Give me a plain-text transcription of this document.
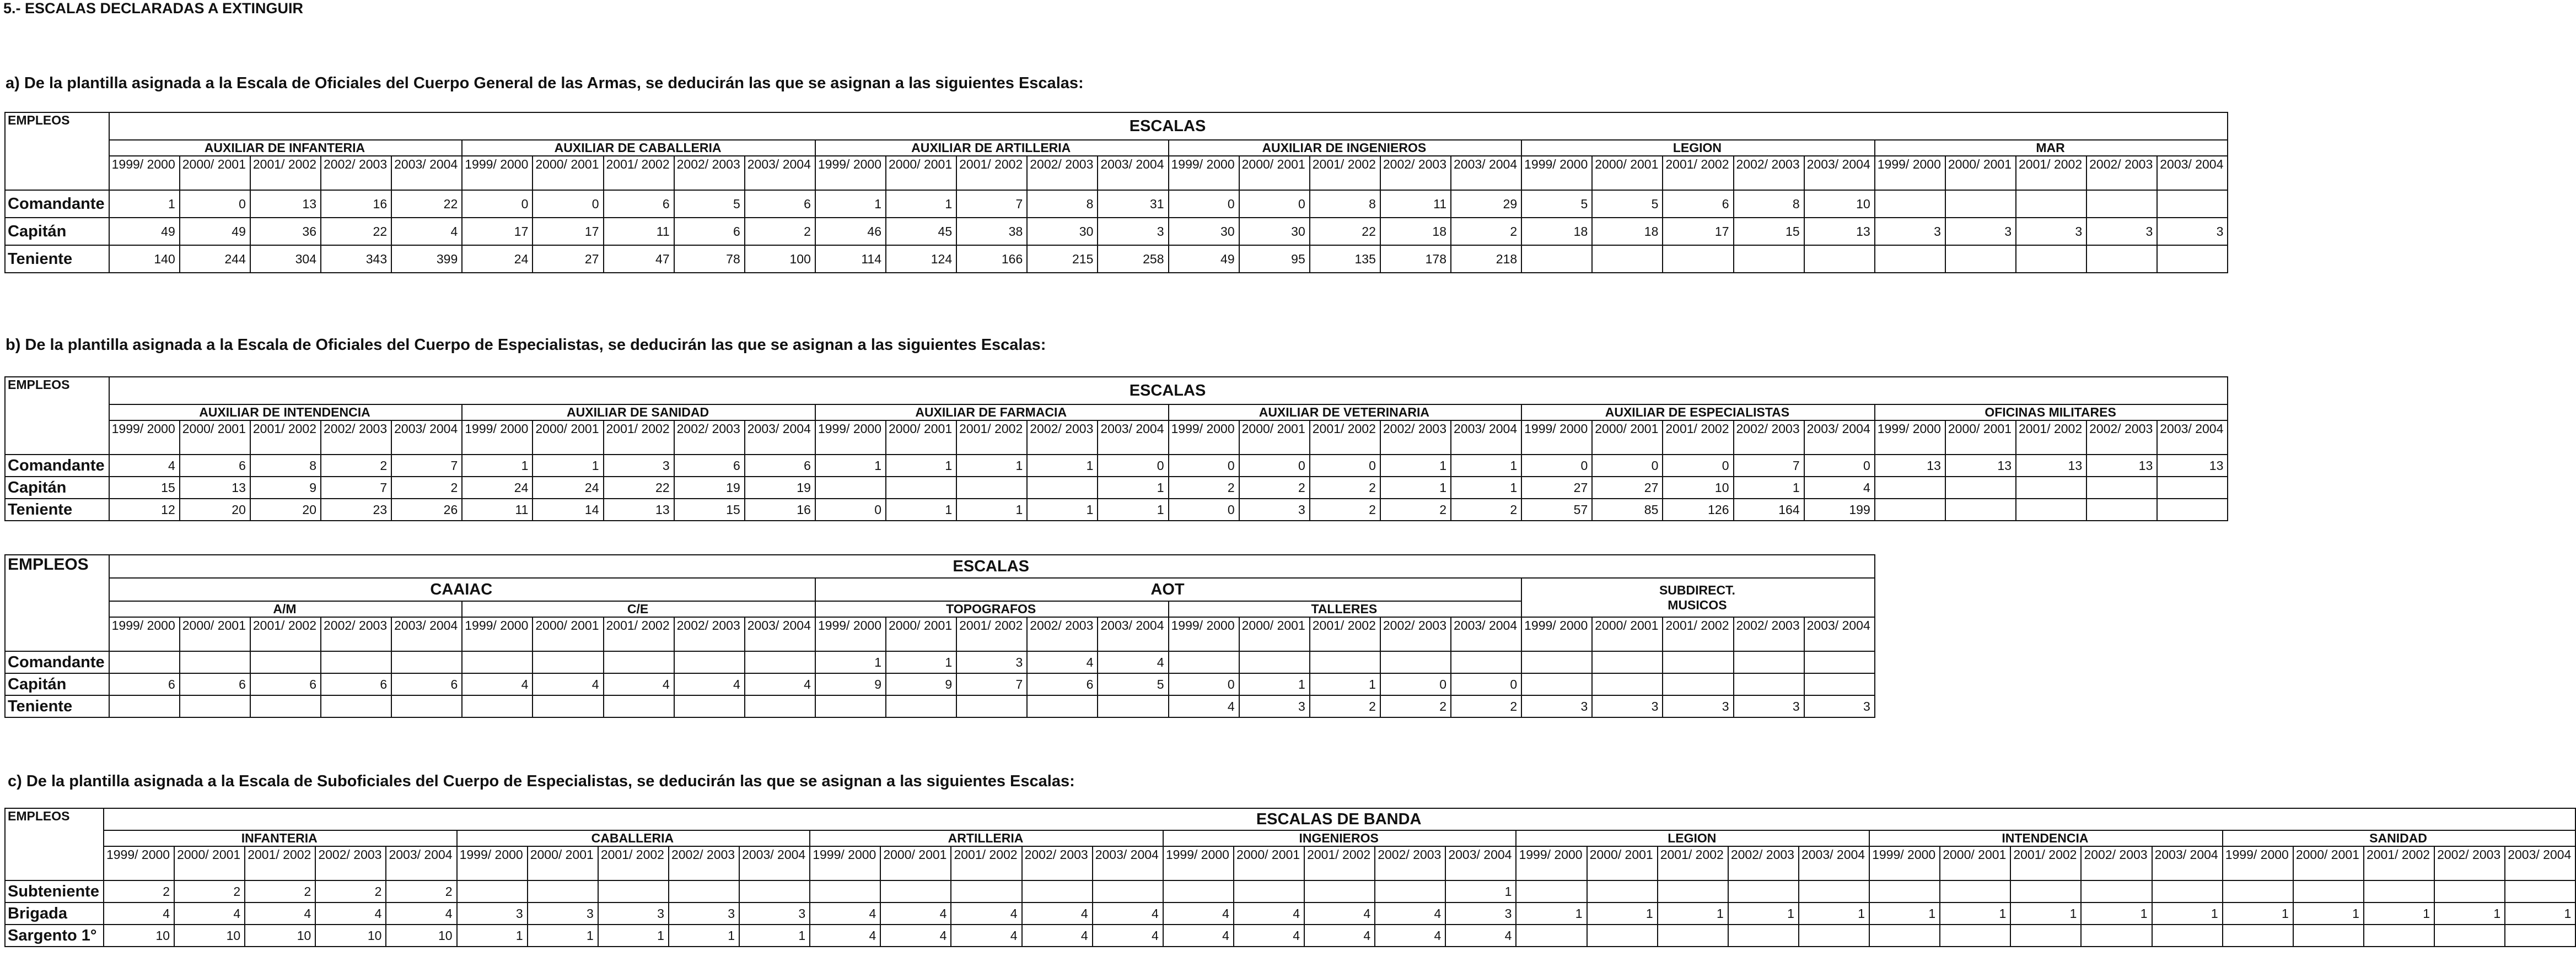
5.- ESCALAS DECLARADAS A EXTINGUIR
a) De la plantilla asignada a la Escala de Oficiales del Cuerpo General de las Armas, se deducirán las que se asignan a las siguientes Escalas:
b) De la plantilla asignada a la Escala de Oficiales del Cuerpo de Especialistas, se deducirán las que se asignan a las siguientes Escalas:
c) De la plantilla asignada a la Escala de Suboficiales del Cuerpo de Especialistas, se deducirán las que se asignan a las siguientes Escalas:
EMPLEOS	ESCALAS																													
	AUXILIAR DE INFANTERIA					AUXILIAR DE CABALLERIA					AUXILIAR DE ARTILLERIA					AUXILIAR DE INGENIEROS					LEGION					MAR				
	1999/ 2000	2000/ 2001	2001/ 2002	2002/ 2003	2003/ 2004	1999/ 2000	2000/ 2001	2001/ 2002	2002/ 2003	2003/ 2004	1999/ 2000	2000/ 2001	2001/ 2002	2002/ 2003	2003/ 2004	1999/ 2000	2000/ 2001	2001/ 2002	2002/ 2003	2003/ 2004	1999/ 2000	2000/ 2001	2001/ 2002	2002/ 2003	2003/ 2004	1999/ 2000	2000/ 2001	2001/ 2002	2002/ 2003	2003/ 2004
Comandante	1	0	13	16	22	0	0	6	5	6	1	1	7	8	31	0	0	8	11	29	5	5	6	8	10					
Capitán	49	49	36	22	4	17	17	11	6	2	46	45	38	30	3	30	30	22	18	2	18	18	17	15	13	3	3	3	3	3
Teniente	140	244	304	343	399	24	27	47	78	100	114	124	166	215	258	49	95	135	178	218										
EMPLEOS	ESCALAS																													
	AUXILIAR DE INTENDENCIA					AUXILIAR DE SANIDAD					AUXILIAR DE FARMACIA					AUXILIAR DE VETERINARIA					AUXILIAR DE ESPECIALISTAS					OFICINAS MILITARES				
	1999/ 2000	2000/ 2001	2001/ 2002	2002/ 2003	2003/ 2004	1999/ 2000	2000/ 2001	2001/ 2002	2002/ 2003	2003/ 2004	1999/ 2000	2000/ 2001	2001/ 2002	2002/ 2003	2003/ 2004	1999/ 2000	2000/ 2001	2001/ 2002	2002/ 2003	2003/ 2004	1999/ 2000	2000/ 2001	2001/ 2002	2002/ 2003	2003/ 2004	1999/ 2000	2000/ 2001	2001/ 2002	2002/ 2003	2003/ 2004
Comandante	4	6	8	2	7	1	1	3	6	6	1	1	1	1	0	0	0	0	1	1	0	0	0	7	0	13	13	13	13	13
Capitán	15	13	9	7	2	24	24	22	19	19					1	2	2	2	1	1	27	27	10	1	4					
Teniente	12	20	20	23	26	11	14	13	15	16	0	1	1	1	1	0	3	2	2	2	57	85	126	164	199					
EMPLEOS	ESCALAS																								
	CAAIAC										AOT										SUBDIRECT.
MUSICOS				

	A/M					C/E					TOPOGRAFOS					TALLERES									
	1999/ 2000	2000/ 2001	2001/ 2002	2002/ 2003	2003/ 2004	1999/ 2000	2000/ 2001	2001/ 2002	2002/ 2003	2003/ 2004	1999/ 2000	2000/ 2001	2001/ 2002	2002/ 2003	2003/ 2004	1999/ 2000	2000/ 2001	2001/ 2002	2002/ 2003	2003/ 2004	1999/ 2000	2000/ 2001	2001/ 2002	2002/ 2003	2003/ 2004
Comandante											1	1	3	4	4										
Capitán	6	6	6	6	6	4	4	4	4	4	9	9	7	6	5	0	1	1	0	0					
Teniente																4	3	2	2	2	3	3	3	3	3
EMPLEOS	ESCALAS DE BANDA																																		
	INFANTERIA					CABALLERIA					ARTILLERIA					INGENIEROS					LEGION					INTENDENCIA					SANIDAD				
	1999/ 2000	2000/ 2001	2001/ 2002	2002/ 2003	2003/ 2004	1999/ 2000	2000/ 2001	2001/ 2002	2002/ 2003	2003/ 2004	1999/ 2000	2000/ 2001	2001/ 2002	2002/ 2003	2003/ 2004	1999/ 2000	2000/ 2001	2001/ 2002	2002/ 2003	2003/ 2004	1999/ 2000	2000/ 2001	2001/ 2002	2002/ 2003	2003/ 2004	1999/ 2000	2000/ 2001	2001/ 2002	2002/ 2003	2003/ 2004	1999/ 2000	2000/ 2001	2001/ 2002	2002/ 2003	2003/ 2004
Subteniente	2	2	2	2	2															1															
Brigada	4	4	4	4	4	3	3	3	3	3	4	4	4	4	4	4	4	4	4	3	1	1	1	1	1	1	1	1	1	1	1	1	1	1	1
Sargento 1°	10	10	10	10	10	1	1	1	1	1	4	4	4	4	4	4	4	4	4	4															
